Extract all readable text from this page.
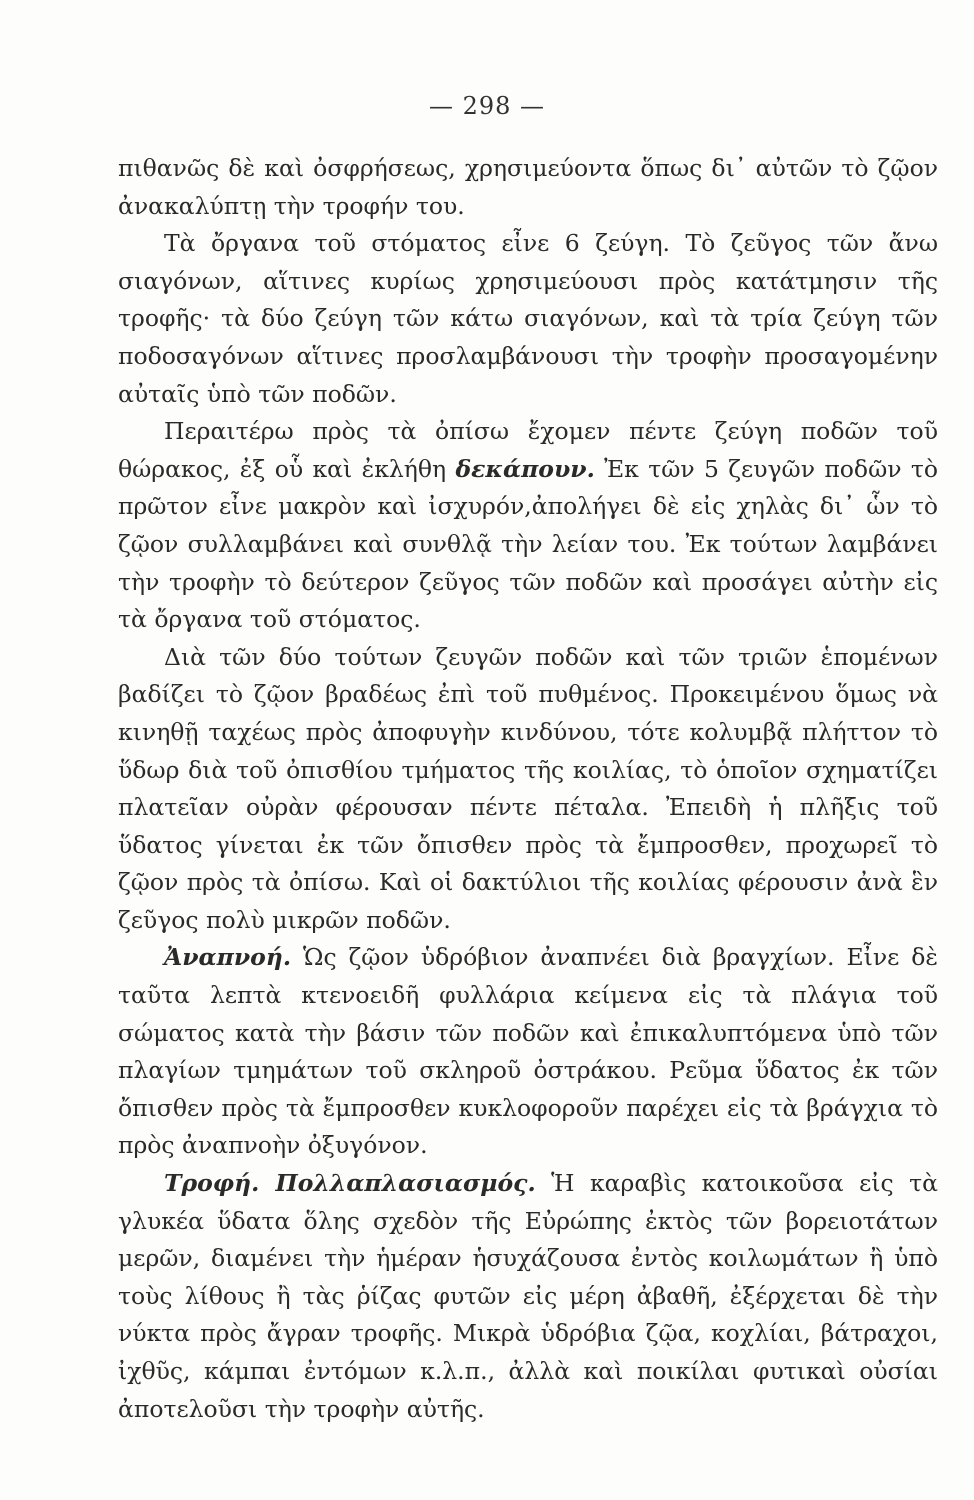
— 298 —

πιθανῶς δὲ καὶ ὀσφρήσεως, χρησιμεύοντα ὅπως δι᾽ αὐτῶν τὸ ζῷον ἀνακαλύπτῃ τὴν τροφήν του.

Τὰ ὄργανα τοῦ στόματος εἶνε 6 ζεύγη. Τὸ ζεῦγος τῶν ἄνω σιαγόνων, αἵτινες κυρίως χρησιμεύουσι πρὸς κατάτμησιν τῆς τροφῆς· τὰ δύο ζεύγη τῶν κάτω σιαγόνων, καὶ τὰ τρία ζεύγη τῶν ποδοσαγόνων αἵτινες προσλαμβάνουσι τὴν τροφὴν προσαγομένην αὐταῖς ὑπὸ τῶν ποδῶν.

Περαιτέρω πρὸς τὰ ὀπίσω ἔχομεν πέντε ζεύγη ποδῶν τοῦ θώρακος, ἐξ οὗ καὶ ἐκλήθη δεκάπουν. Ἐκ τῶν 5 ζευγῶν ποδῶν τὸ πρῶτον εἶνε μακρὸν καὶ ἰσχυρόν,ἀπολήγει δὲ εἰς χηλὰς δι᾽ ὧν τὸ ζῷον συλλαμβάνει καὶ συνθλᾷ τὴν λείαν του. Ἐκ τούτων λαμβάνει τὴν τροφὴν τὸ δεύτερον ζεῦγος τῶν ποδῶν καὶ προσάγει αὐτὴν εἰς τὰ ὄργανα τοῦ στόματος.

Διὰ τῶν δύο τούτων ζευγῶν ποδῶν καὶ τῶν τριῶν ἑπομένων βαδίζει τὸ ζῷον βραδέως ἐπὶ τοῦ πυθμένος. Προκειμένου ὅμως νὰ κινηθῇ ταχέως πρὸς ἀποφυγὴν κινδύνου, τότε κολυμβᾷ πλήττον τὸ ὕδωρ διὰ τοῦ ὀπισθίου τμήματος τῆς κοιλίας, τὸ ὁποῖον σχηματίζει πλατεῖαν οὐρὰν φέρουσαν πέντε πέταλα. Ἐπειδὴ ἡ πλῆξις τοῦ ὕδατος γίνεται ἐκ τῶν ὄπισθεν πρὸς τὰ ἔμπροσθεν, προχωρεῖ τὸ ζῷον πρὸς τὰ ὀπίσω. Καὶ οἱ δακτύλιοι τῆς κοιλίας φέρουσιν ἀνὰ ἓν ζεῦγος πολὺ μικρῶν ποδῶν.

Ἀναπνοή. Ὡς ζῷον ὑδρόβιον ἀναπνέει διὰ βραγχίων. Εἶνε δὲ ταῦτα λεπτὰ κτενοειδῆ φυλλάρια κείμενα εἰς τὰ πλάγια τοῦ σώματος κατὰ τὴν βάσιν τῶν ποδῶν καὶ ἐπικαλυπτόμενα ὑπὸ τῶν πλαγίων τμημάτων τοῦ σκληροῦ ὀστράκου. Ρεῦμα ὕδατος ἐκ τῶν ὄπισθεν πρὸς τὰ ἔμπροσθεν κυκλοφοροῦν παρέχει εἰς τὰ βράγχια τὸ πρὸς ἀναπνοὴν ὀξυγόνον.

Τροφή. Πολλαπλασιασμός. Ἡ καραβὶς κατοικοῦσα εἰς τὰ γλυκέα ὕδατα ὅλης σχεδὸν τῆς Εὐρώπης ἐκτὸς τῶν βορειοτάτων μερῶν, διαμένει τὴν ἡμέραν ἡσυχάζουσα ἐντὸς κοιλωμάτων ἢ ὑπὸ τοὺς λίθους ἢ τὰς ῥίζας φυτῶν εἰς μέρη ἀβαθῆ, ἐξέρχεται δὲ τὴν νύκτα πρὸς ἄγραν τροφῆς. Μικρὰ ὑδρόβια ζῷα, κοχλίαι, βάτραχοι, ἰχθῦς, κάμπαι ἐντόμων κ.λ.π., ἀλλὰ καὶ ποικίλαι φυτικαὶ οὐσίαι ἀποτελοῦσι τὴν τροφὴν αὐτῆς.
